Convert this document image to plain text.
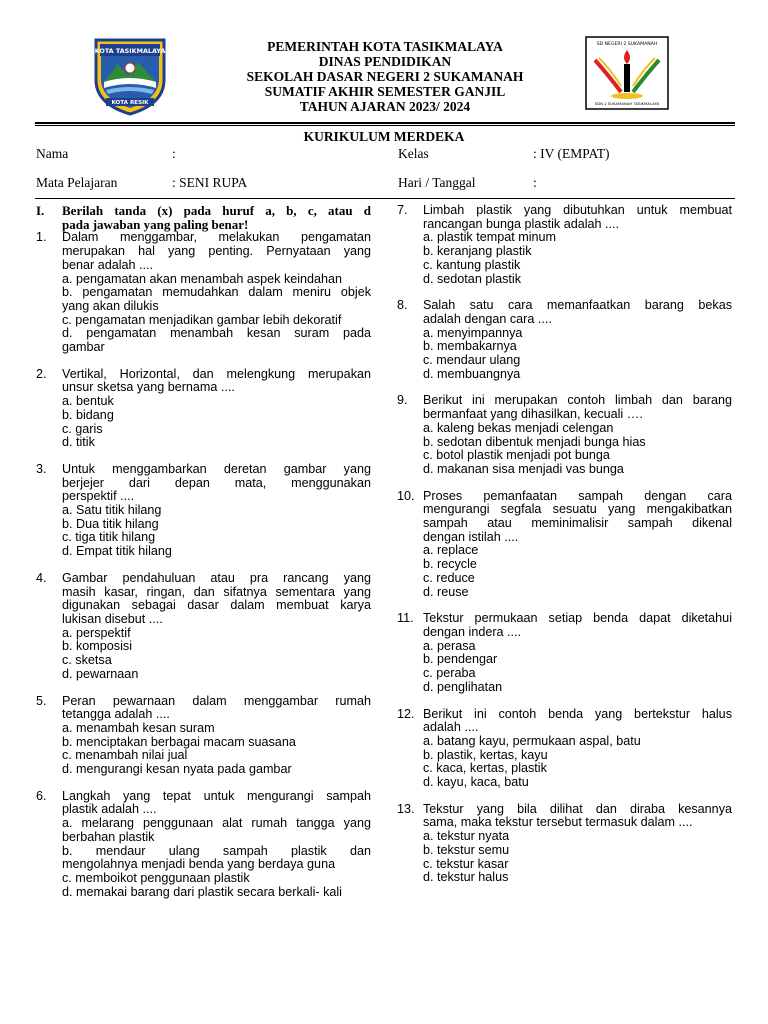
KOTA TASIKMALAYA
KOTA RESIK
PEMERINTAH KOTA TASIKMALAYA
DINAS PENDIDIKAN
SEKOLAH DASAR NEGERI 2 SUKAMANAH
SUMATIF AKHIR SEMESTER GANJIL
TAHUN AJARAN 2023/ 2024
SD NEGERI 2 SUKAMANAH
SDN 2 SUKAMANAH TASIKMALAYA
KURIKULUM MERDEKA
Nama	:	Kelas	: IV (EMPAT)
Mata Pelajaran	: SENI RUPA	Hari / Tanggal	:
I. Berilah tanda (x) pada huruf a, b, c, atau d
pada jawaban yang paling benar!
1. Dalam menggambar, melakukan pengamatan
merupakan hal yang penting. Pernyataan yang
benar adalah ....
a. pengamatan akan menambah aspek keindahan
b. pengamatan memudahkan dalam meniru objek
yang akan dilukis
c. pengamatan menjadikan gambar lebih dekoratif
d. pengamatan menambah kesan suram pada
gambar
2. Vertikal, Horizontal, dan melengkung merupakan
unsur sketsa yang bernama ....
a. bentuk
b. bidang
c. garis
d. titik
3. Untuk menggambarkan deretan gambar yang
berjejer dari depan mata, menggunakan
perspektif ....
a. Satu titik hilang
b. Dua titik hilang
c. tiga titik hilang
d. Empat titik hilang
4. Gambar pendahuluan atau pra rancang yang
masih kasar, ringan, dan sifatnya sementara yang
digunakan sebagai dasar dalam membuat karya
lukisan disebut ....
a. perspektif
b. komposisi
c. sketsa
d. pewarnaan
5. Peran pewarnaan dalam menggambar rumah
tetangga adalah ....
a. menambah kesan suram
b. menciptakan berbagai macam suasana
c. menambah nilai jual
d. mengurangi kesan nyata pada gambar
6. Langkah yang tepat untuk mengurangi sampah
plastik adalah ....
a. melarang penggunaan alat rumah tangga yang
berbahan plastik
b. mendaur ulang sampah plastik dan
mengolahnya menjadi benda yang berdaya guna
c. memboikot penggunaan plastik
d. memakai barang dari plastik secara berkali- kali
7. Limbah plastik yang dibutuhkan untuk membuat
rancangan bunga plastik adalah ....
a. plastik tempat minum
b. keranjang plastik
c. kantung plastik
d. sedotan plastik
8. Salah satu cara memanfaatkan barang bekas
adalah dengan cara ....
a. menyimpannya
b. membakarnya
c. mendaur ulang
d. membuangnya
9. Berikut ini merupakan contoh limbah dan barang
bermanfaat yang dihasilkan, kecuali ….
a. kaleng bekas menjadi celengan
b. sedotan dibentuk menjadi bunga hias
c. botol plastik menjadi pot bunga
d. makanan sisa menjadi vas bunga
10. Proses pemanfaatan sampah dengan cara
mengurangi segfala sesuatu yang mengakibatkan
sampah atau meminimalisir sampah dikenal
dengan istilah ....
a. replace
b. recycle
c. reduce
d. reuse
11. Tekstur permukaan setiap benda dapat diketahui
dengan indera ....
a. perasa
b. pendengar
c. peraba
d. penglihatan
12. Berikut ini contoh benda yang bertekstur halus
adalah ....
a. batang kayu, permukaan aspal, batu
b. plastik, kertas, kayu
c. kaca, kertas, plastik
d. kayu, kaca, batu
13. Tekstur yang bila dilihat dan diraba kesannya
sama, maka tekstur tersebut termasuk dalam ....
a. tekstur nyata
b. tekstur semu
c. tekstur kasar
d. tekstur halus
